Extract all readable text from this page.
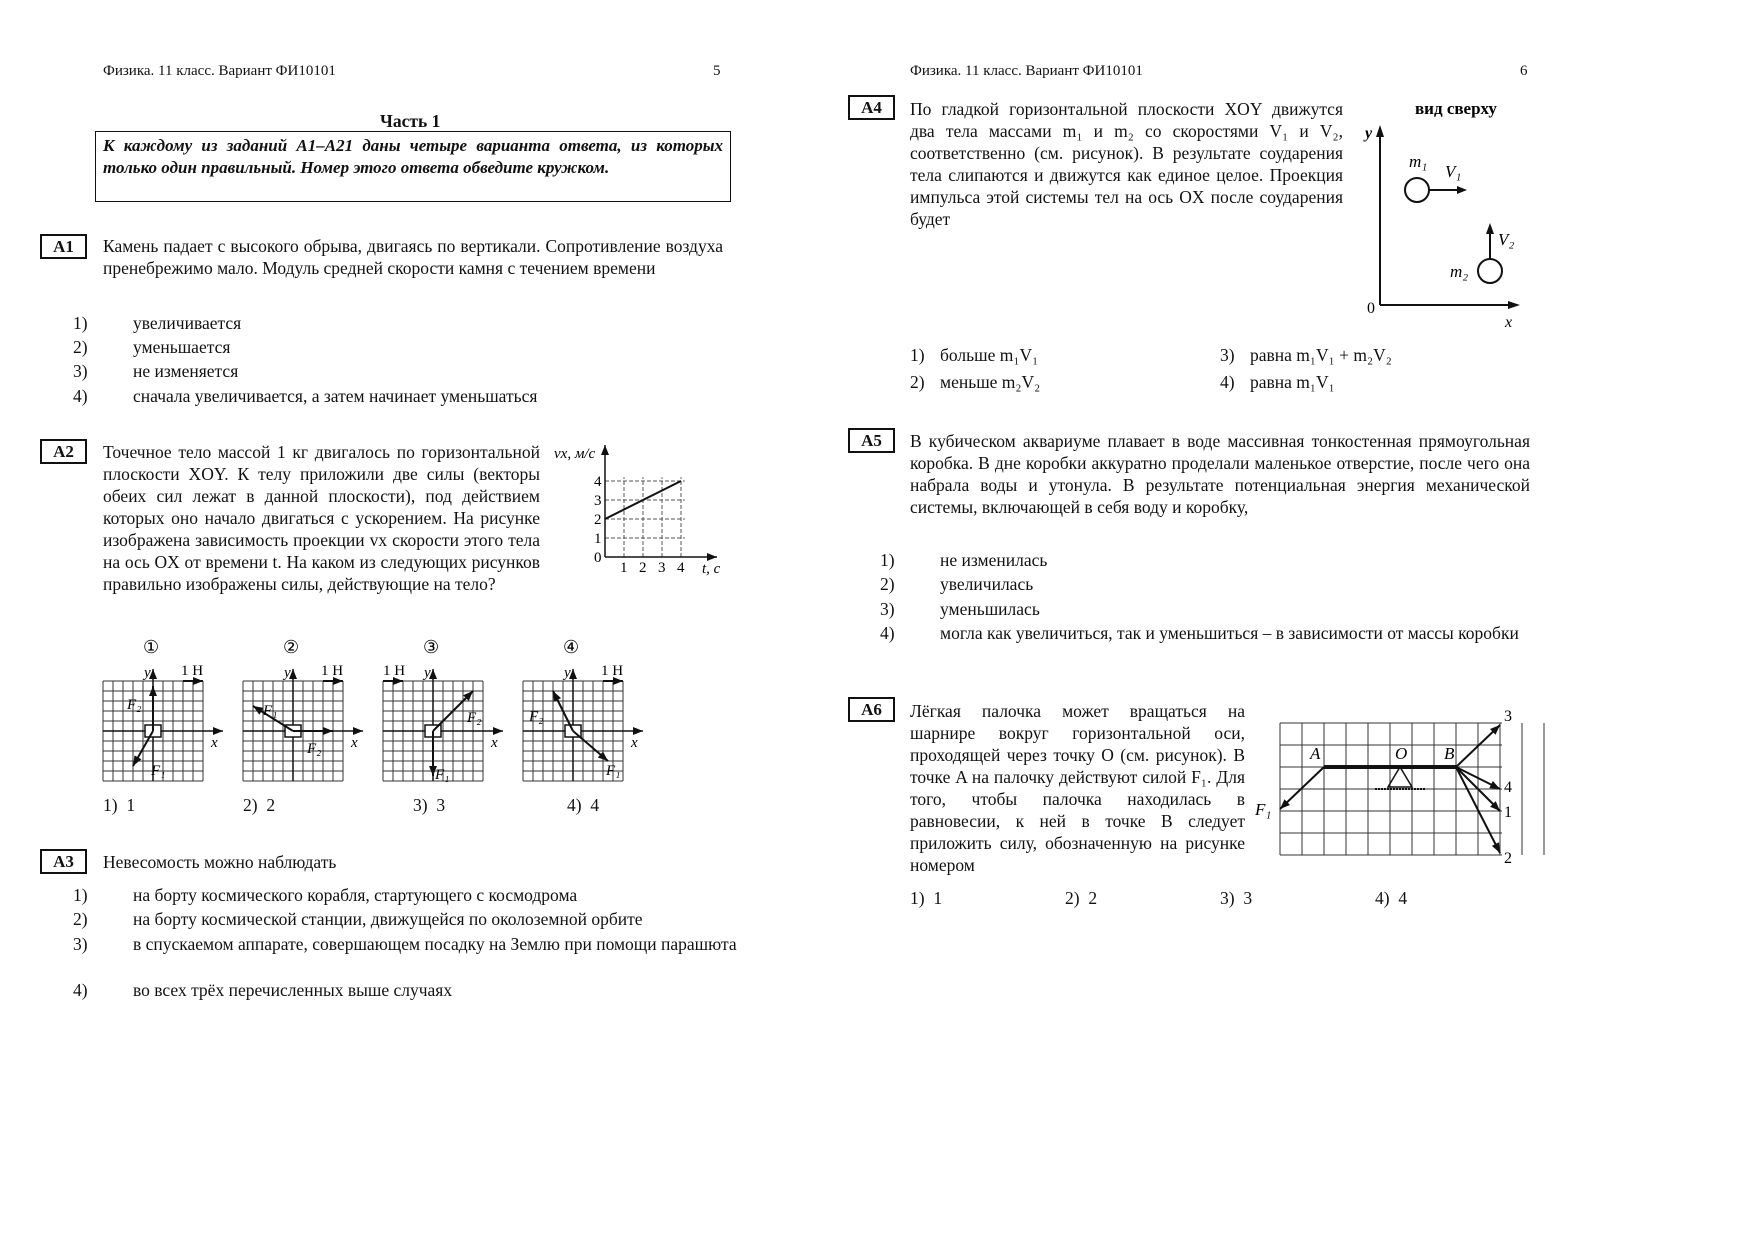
Физика. 11 класс. Вариант ФИ10101	5
Часть 1
К каждому из заданий А1–А21 даны четыре варианта ответа, из которых только один правильный. Номер этого ответа обведите кружком.
А1	Камень падает с высокого обрыва, двигаясь по вертикали. Сопротивление воздуха пренебрежимо мало. Модуль средней скорости камня с течением времени
1)	увеличивается
2)	уменьшается
3)	не изменяется
4)	сначала увеличивается, а затем начинает уменьшаться
А2	Точечное тело массой 1 кг двигалось по горизонтальной плоскости XOY. К телу приложили две силы (векторы обеих сил лежат в данной плоскости), под действием которых оно начало двигаться с ускорением. На рисунке изображена зависимость проекции vx скорости этого тела на ось OX от времени t. На каком из следующих рисунков правильно изображены силы, действующие на тело?
vx, м/с
t, c
0
1
2
3
4
1 2 3 4
1 Н
y
x
①
F₁
F₂
1 Н
y
x
②
F₁
F₂
1 Н y
x
③
F₁
F₂
1 Н
y
x
④
F₁
F₂
1)  1	2)  2	3)  3	4)  4
А3	Невесомость можно наблюдать
1)	на борту космического корабля, стартующего с космодрома
2)	на борту космической станции, движущейся по околоземной орбите
3)	в спускаемом аппарате, совершающем посадку на Землю при помощи парашюта
4)	во всех трёх перечисленных выше случаях
Физика. 11 класс. Вариант ФИ10101	6
А4	По гладкой горизонтальной плоскости XOY движутся два тела массами m₁ и m₂ со скоростями V₁ и V₂, соответственно (см. рисунок). В результате соударения тела слипаются и движутся как единое целое. Проекция импульса этой системы тел на ось OX после соударения будет
вид сверху
y
x
0
m₁
V₁
m₂
V₂
1) больше m₁V₁
2) меньше m₂V₂
3) равна m₁V₁ + m₂V₂
4) равна m₁V₁
А5	В кубическом аквариуме плавает в воде массивная тонкостенная прямоугольная коробка. В дне коробки аккуратно проделали маленькое отверстие, после чего она набрала воды и утонула. В результате потенциальная энергия механической системы, включающей в себя воду и коробку,
1)	не изменилась
2)	увеличилась
3)	уменьшилась
4)	могла как увеличиться, так и уменьшиться – в зависимости от массы коробки
А6	Лёгкая палочка может вращаться на шарнире вокруг горизонтальной оси, проходящей через точку O (см. рисунок). В точке A на палочку действуют силой F₁. Для того, чтобы палочка находилась в равновесии, к ней в точке B следует приложить силу, обозначенную на рисунке номером
A	O B
F₁
4
1
2
3
1)  1	2)  2	3)  3	4)  4
